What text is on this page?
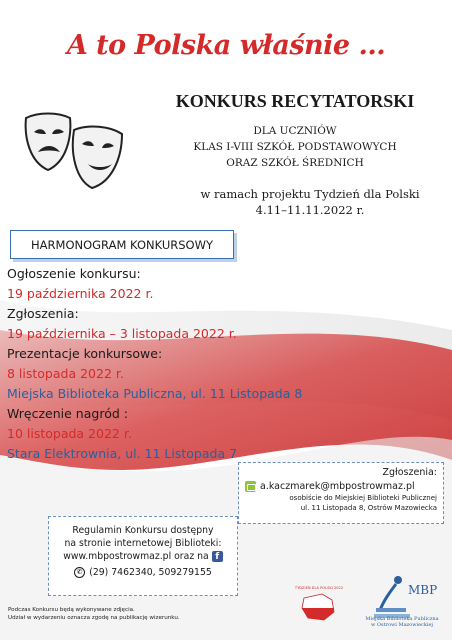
A to Polska właśnie ...
KONKURS RECYTATORSKI
DLA UCZNIÓW
KLAS I-VIII SZKÓŁ PODSTAWOWYCH
ORAZ SZKÓŁ ŚREDNICH
w ramach projektu Tydzień dla Polski
4.11–11.11.2022 r.
HARMONOGRAM KONKURSOWY
Ogłoszenie konkursu:
19 października 2022 r.
Zgłoszenia:
19 października – 3 listopada 2022 r.
Prezentacje konkursowe:
8 listopada 2022 r.
Miejska Biblioteka Publiczna, ul. 11 Listopada 8
Wręczenie nagród :
10 listopada 2022 r.
Stara Elektrownia, ul. 11 Listopada 7
Zgłoszenia:
a.kaczmarek@mbpostrowmaz.pl
osobiście do Miejskiej Biblioteki Publicznej
ul. 11 Listopada 8, Ostrów Mazowiecka
Regulamin Konkursu dostępny
na stronie internetowej Biblioteki:
www.mbpostrowmaz.pl oraz na f
✆ (29) 7462340, 509279155
Podczas Konkursu będą wykonywane zdjęcia.
Udział w wydarzeniu oznacza zgodę na publikację wizerunku.
TYDZIEŃ DLA POLSKI 2022	MBP
Miejska Biblioteka Publiczna
w Ostrowi Mazowieckiej
